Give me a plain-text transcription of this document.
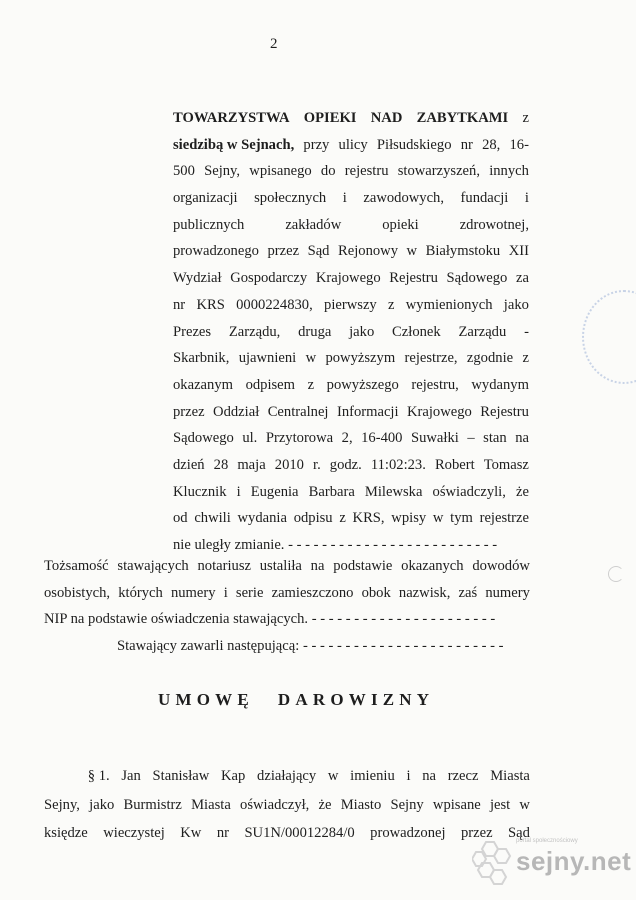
2
TOWARZYSTWA OPIEKI NAD ZABYTKAMI z
siedzibą w Sejnach, przy ulicy Piłsudskiego nr 28, 16-
500 Sejny, wpisanego do rejestru stowarzyszeń, innych
organizacji społecznych i zawodowych, fundacji i
publicznych	zakładów	opieki	zdrowotnej,
prowadzonego przez Sąd Rejonowy w Białymstoku XII
Wydział Gospodarczy Krajowego Rejestru Sądowego za
nr KRS 0000224830, pierwszy z wymienionych jako
Prezes Zarządu, druga jako Członek Zarządu -
Skarbnik, ujawnieni w powyższym rejestrze, zgodnie z
okazanym odpisem z powyższego rejestru, wydanym
przez Oddział Centralnej Informacji Krajowego Rejestru
Sądowego ul. Przytorowa 2, 16-400 Suwałki – stan na
dzień 28 maja 2010 r. godz. 11:02:23. Robert Tomasz
Klucznik i Eugenia Barbara Milewska oświadczyli, że
od chwili wydania odpisu z KRS, wpisy w tym rejestrze
nie uległy zmianie. - - - - - - - - - - - - - - - - - - - - - - - - -
Tożsamość stawających notariusz ustaliła na podstawie okazanych dowodów
osobistych, których numery i serie zamieszczono obok nazwisk, zaś numery
NIP na podstawie oświadczenia stawających. - - - - - - - - - - - - - - - - - - - - - -
Stawający zawarli następującą: - - - - - - - - - - - - - - - - - - - - - - - -
UMOWĘ DAROWIZNY
§ 1. Jan Stanisław Kap działający w imieniu i na rzecz Miasta
Sejny, jako Burmistrz Miasta oświadczył, że Miasto Sejny wpisane jest w
księdze wieczystej Kw nr SU1N/00012284/0 prowadzonej przez Sąd
portal społecznościowy
sejny.net
